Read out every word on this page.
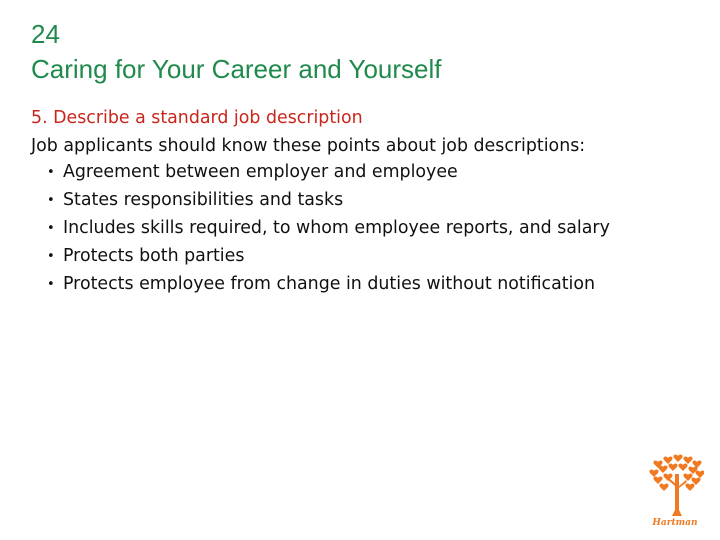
24
Caring for Your Career and Yourself
5. Describe a standard job description
Job applicants should know these points about job descriptions:
• Agreement between employer and employee
• States responsibilities and tasks
• Includes skills required, to whom employee reports, and salary
• Protects both parties
• Protects employee from change in duties without notification
Hartman
